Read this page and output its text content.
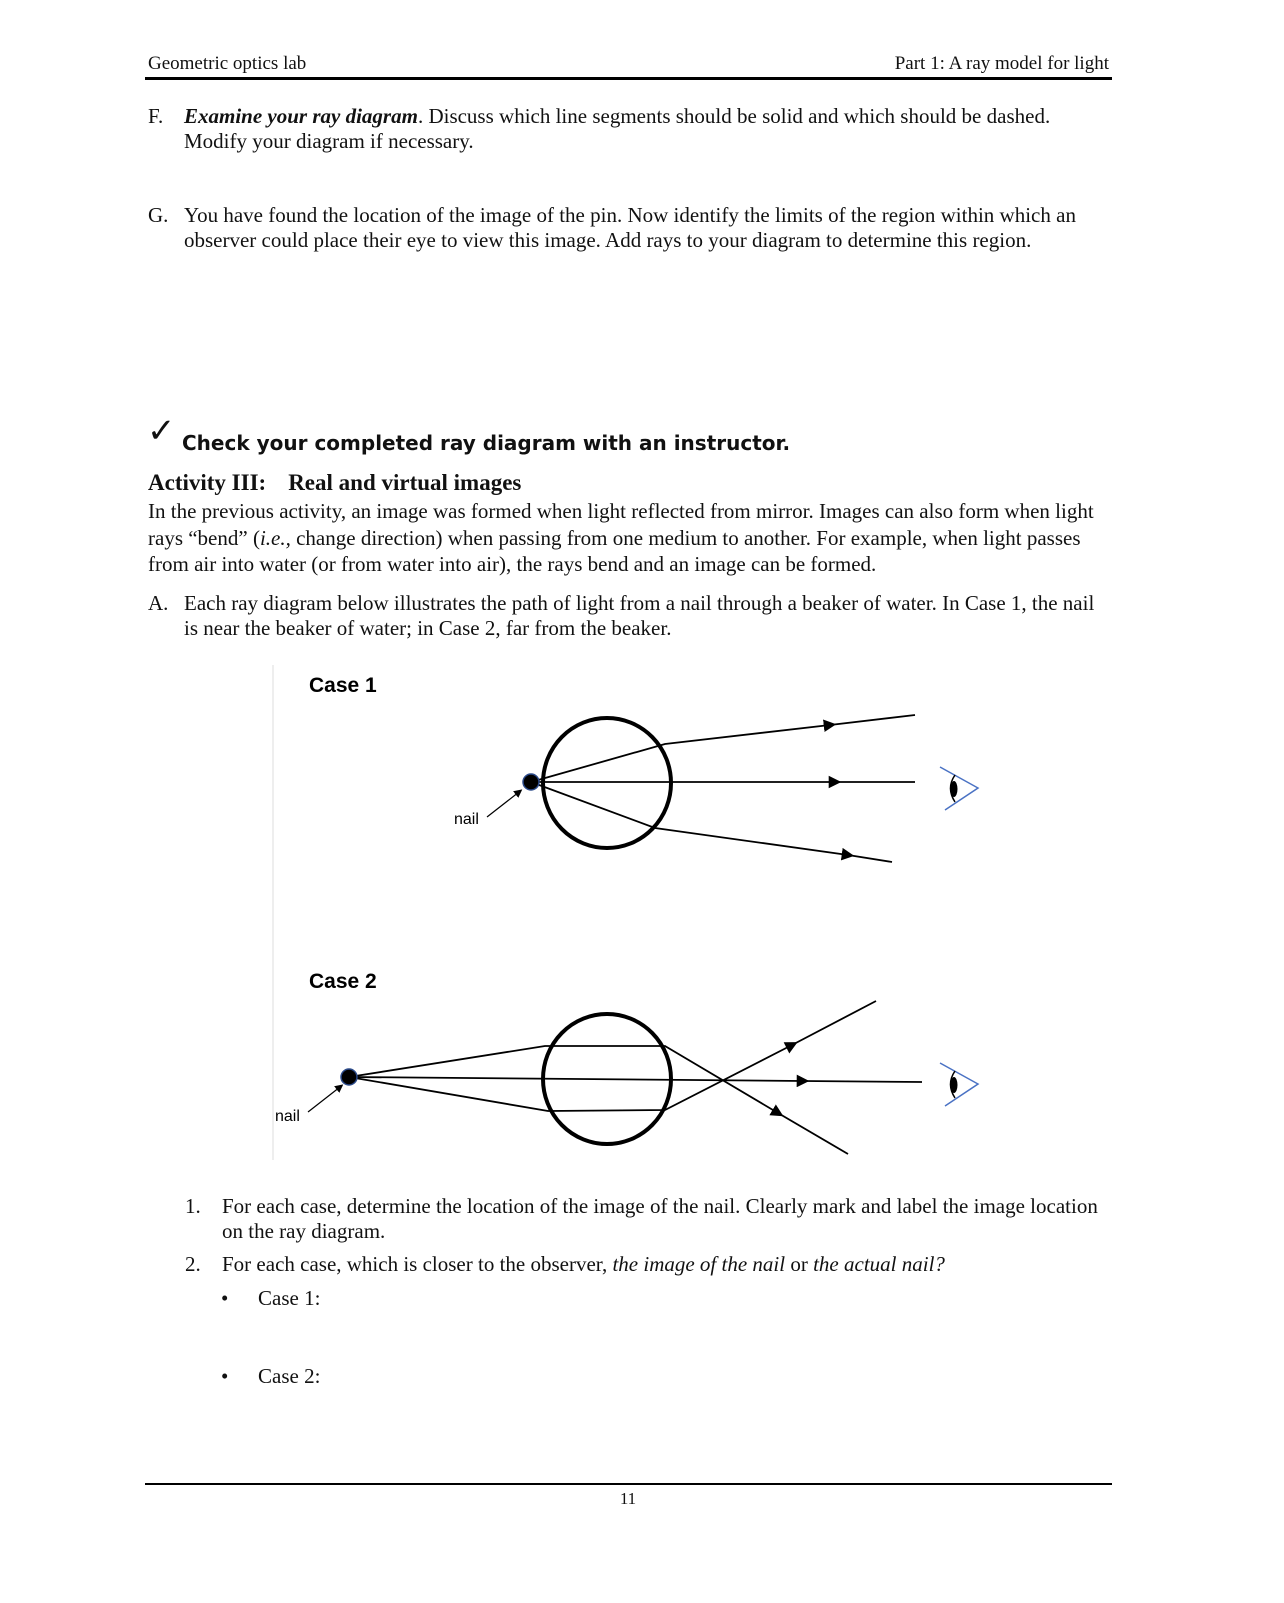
Geometric optics lab	Part 1: A ray model for light
F. Examine your ray diagram. Discuss which line segments should be solid and which should be dashed. Modify your diagram if necessary.
G. You have found the location of the image of the pin. Now identify the limits of the region within which an observer could place their eye to view this image. Add rays to your diagram to determine this region.
✓ Check your completed ray diagram with an instructor.
Activity III: Real and virtual images
In the previous activity, an image was formed when light reflected from mirror. Images can also form when light rays “bend” (i.e., change direction) when passing from one medium to another. For example, when light passes from air into water (or from water into air), the rays bend and an image can be formed.
A. Each ray diagram below illustrates the path of light from a nail through a beaker of water. In Case 1, the nail is near the beaker of water; in Case 2, far from the beaker.
Case 1
nail
Case 2
nail
1. For each case, determine the location of the image of the nail. Clearly mark and label the image location on the ray diagram.
2. For each case, which is closer to the observer, the image of the nail or the actual nail?
• Case 1:
• Case 2:
11
